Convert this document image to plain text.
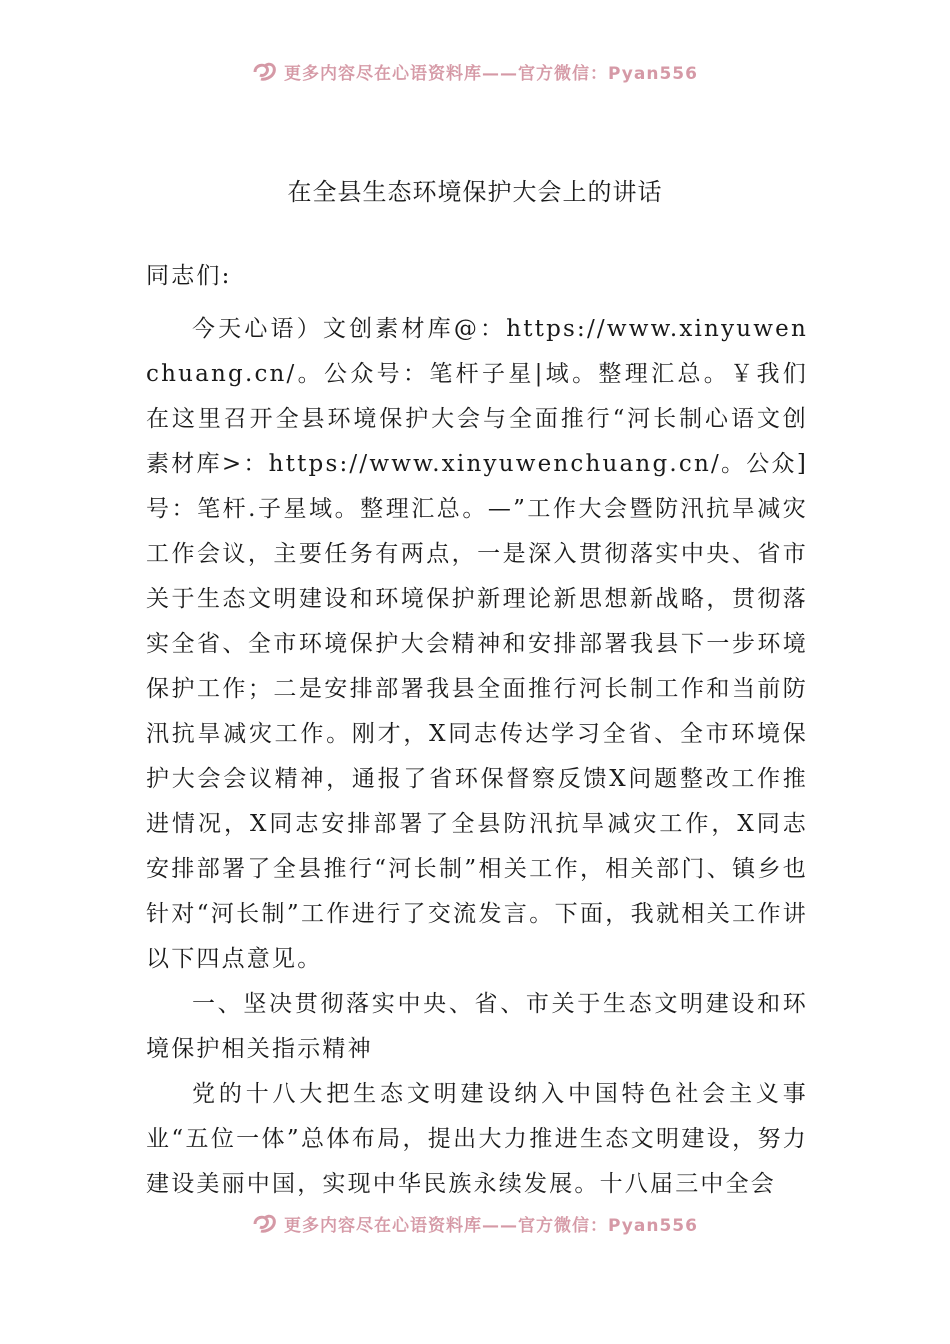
更多内容尽在心语资料库——官方微信：Pyan556
在全县生态环境保护大会上的讲话

同志们:

今天心语）文创素材库@：https://www.xinyuwenchuang.cn/。公众号：笔杆子星|域。整理汇总。￥我们在这里召开全县环境保护大会与全面推行“河长制心语文创素材库>：https://www.xinyuwenchuang.cn/。公众]号：笔杆.子星域。整理汇总。—”工作大会暨防汛抗旱减灾工作会议，主要任务有两点，一是深入贯彻落实中央、省市关于生态文明建设和环境保护新理论新思想新战略，贯彻落实全省、全市环境保护大会精神和安排部署我县下一步环境保护工作；二是安排部署我县全面推行河长制工作和当前防汛抗旱减灾工作。刚才，X同志传达学习全省、全市环境保护大会会议精神，通报了省环保督察反馈X问题整改工作推进情况，X同志安排部署了全县防汛抗旱减灾工作，X同志安排部署了全县推行“河长制”相关工作，相关部门、镇乡也针对“河长制”工作进行了交流发言。下面，我就相关工作讲以下四点意见。

一、坚决贯彻落实中央、省、市关于生态文明建设和环境保护相关指示精神

党的十八大把生态文明建设纳入中国特色社会主义事业“五位一体”总体布局，提出大力推进生态文明建设，努力建设美丽中国，实现中华民族永续发展。十八届三中全会

更多内容尽在心语资料库——官方微信：Pyan556
